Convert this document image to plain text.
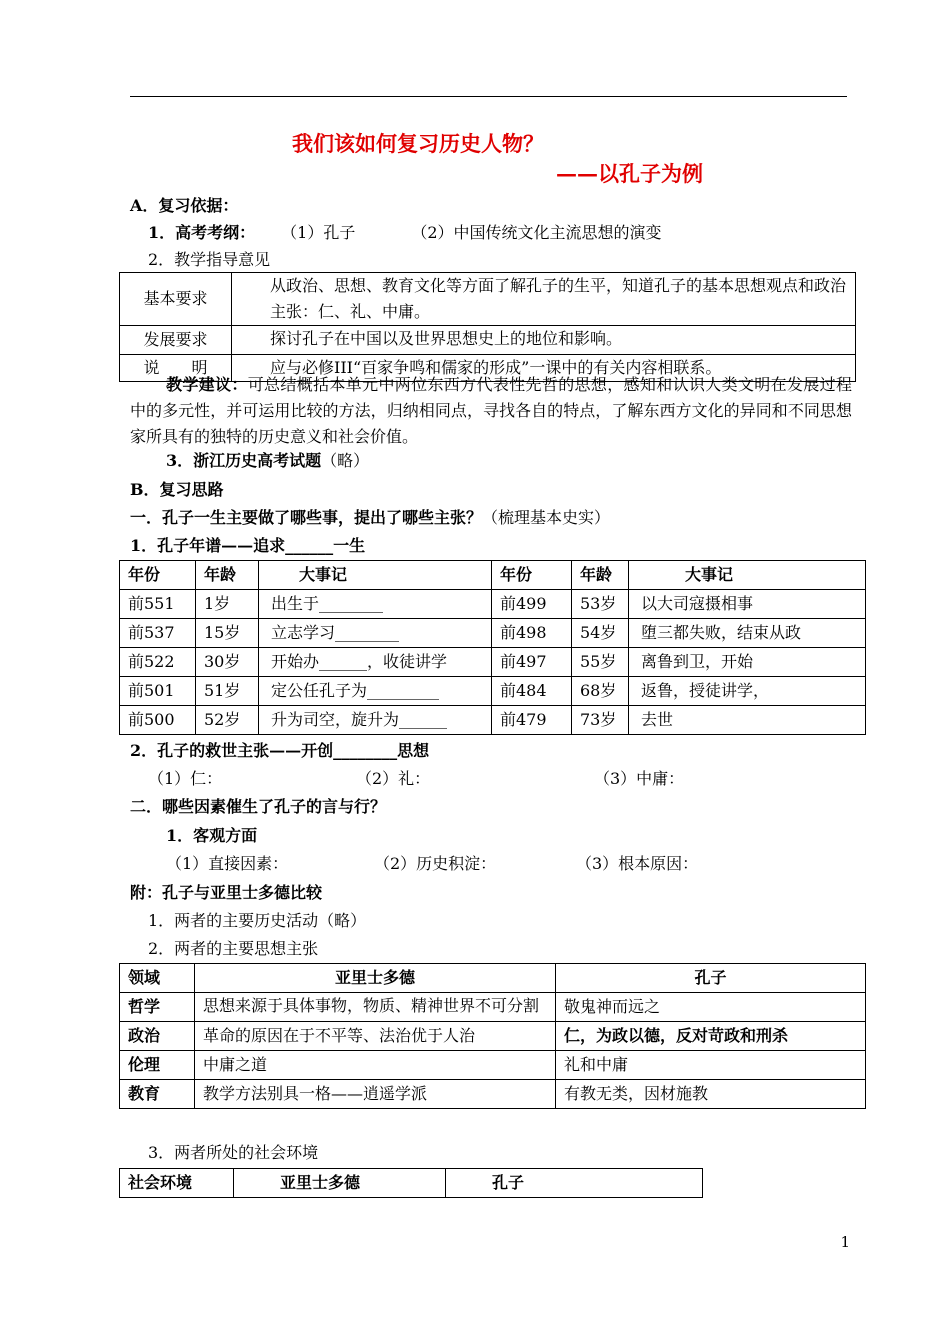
我们该如何复习历史人物？
——以孔子为例
A．复习依据：
1．高考考纲： （1）孔子	（2）中国传统文化主流思想的演变
2．教学指导意见
基本要求	从政治、思想、教育文化等方面了解孔子的生平，知道孔子的基本思想观点和政治主张：仁、礼、中庸。
发展要求	探讨孔子在中国以及世界思想史上的地位和影响。
说　　明	应与必修III“百家争鸣和儒家的形成”一课中的有关内容相联系。
教学建议：可总结概括本单元中两位东西方代表性先哲的思想，感知和认识人类文明在发展过程中的多元性，并可运用比较的方法，归纳相同点，寻找各自的特点，了解东西方文化的异同和不同思想家所具有的独特的历史意义和社会价值。
3．浙江历史高考试题（略）
B．复习思路
一．孔子一生主要做了哪些事，提出了哪些主张？（梳理基本史实）
1．孔子年谱——追求______一生
年份	年龄	大事记	年份	年龄	大事记
前551	1岁	出生于________	前499	53岁	以大司寇摄相事
前537	15岁	立志学习________	前498	54岁	堕三都失败，结束从政
前522	30岁	开始办______，收徒讲学	前497	55岁	离鲁到卫，开始
前501	51岁	定公任孔子为_________	前484	68岁	返鲁，授徒讲学，
前500	52岁	升为司空，旋升为______	前479	73岁	去世
2．孔子的救世主张——开创________思想
（1）仁：	（2）礼：	（3）中庸：
二．哪些因素催生了孔子的言与行？
1．客观方面
（1）直接因素：	（2）历史积淀：	（3）根本原因：
附：孔子与亚里士多德比较
1．两者的主要历史活动（略）
2．两者的主要思想主张
领域	亚里士多德	孔子
哲学	思想来源于具体事物，物质、精神世界不可分割	敬鬼神而远之
政治	革命的原因在于不平等、法治优于人治	仁，为政以德，反对苛政和刑杀
伦理	中庸之道	礼和中庸
教育	教学方法别具一格——逍遥学派	有教无类，因材施教
3．两者所处的社会环境
社会环境	亚里士多德	孔子
1
